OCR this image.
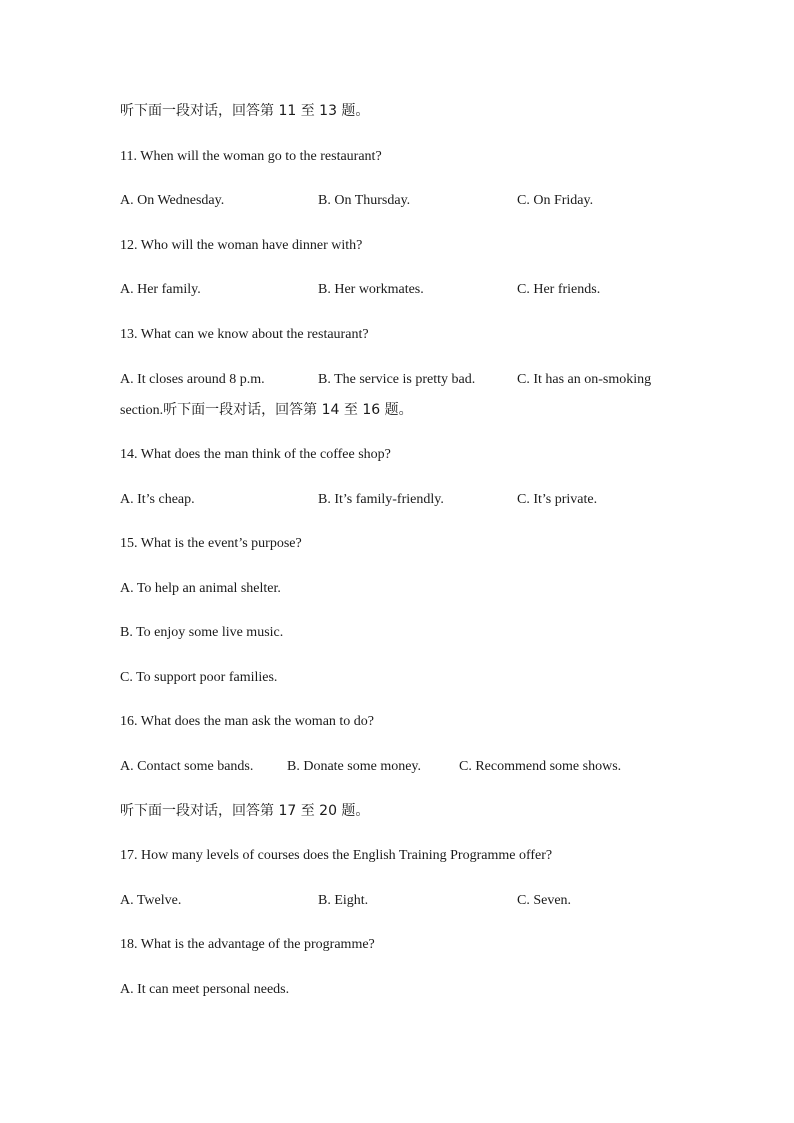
听下面一段对话，回答第 11 至 13 题。
11. When will the woman go to the restaurant?
A. On Wednesday.	B. On Thursday.	C. On Friday.
12. Who will the woman have dinner with?
A. Her family.	B. Her workmates.	C. Her friends.
13. What can we know about the restaurant?
A. It closes around 8 p.m.	B. The service is pretty bad.	C. It has an on-smoking
section.听下面一段对话，回答第 14 至 16 题。
14. What does the man think of the coffee shop?
A. It’s cheap.	B. It’s family-friendly.	C. It’s private.
15. What is the event’s purpose?
A. To help an animal shelter.
B. To enjoy some live music.
C. To support poor families.
16. What does the man ask the woman to do?
A. Contact some bands. B. Donate some money.	C. Recommend some shows.
听下面一段对话，回答第 17 至 20 题。
17. How many levels of courses does the English Training Programme offer?
A. Twelve.	B. Eight.	C. Seven.
18. What is the advantage of the programme?
A. It can meet personal needs.
